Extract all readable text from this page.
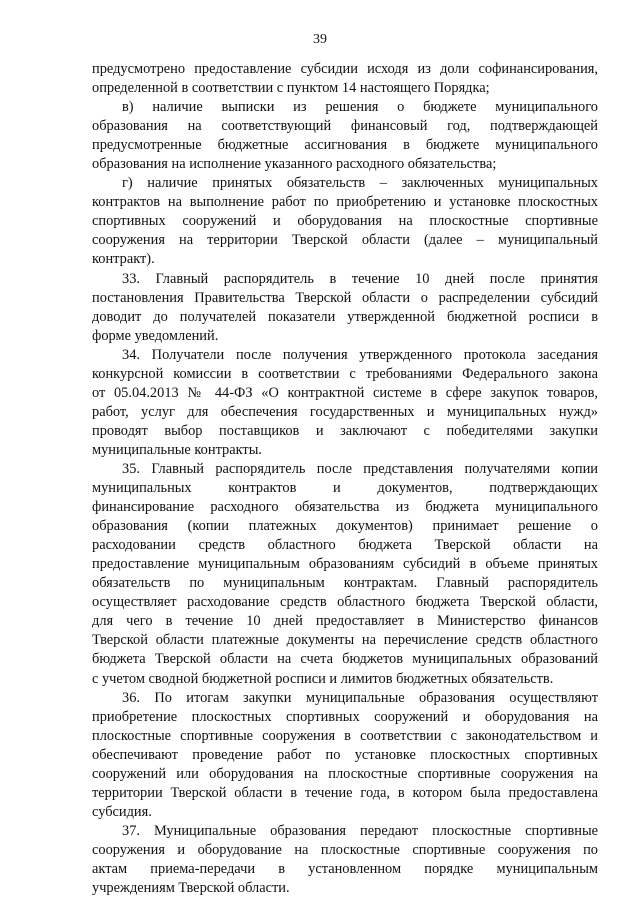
39
предусмотрено предоставление субсидии исходя из доли софинансирования,
определенной в соответствии с пунктом 14 настоящего Порядка;
в) наличие выписки из решения о бюджете муниципального
образования на соответствующий финансовый год, подтверждающей
предусмотренные бюджетные ассигнования в бюджете муниципального
образования на исполнение указанного расходного обязательства;
г) наличие принятых обязательств – заключенных муниципальных
контрактов на выполнение работ по приобретению и установке плоскостных
спортивных сооружений и оборудования на плоскостные спортивные
сооружения на территории Тверской области (далее – муниципальный
контракт).
33. Главный распорядитель в течение 10 дней после принятия
постановления Правительства Тверской области о распределении субсидий
доводит до получателей показатели утвержденной бюджетной росписи в
форме уведомлений.
34. Получатели после получения утвержденного протокола заседания
конкурсной комиссии в соответствии с требованиями Федерального закона
от 05.04.2013 № 44-ФЗ «О контрактной системе в сфере закупок товаров,
работ, услуг для обеспечения государственных и муниципальных нужд»
проводят выбор поставщиков и заключают с победителями закупки
муниципальные контракты.
35. Главный распорядитель после представления получателями копии
муниципальных контрактов и документов, подтверждающих
финансирование расходного обязательства из бюджета муниципального
образования (копии платежных документов) принимает решение о
расходовании средств областного бюджета Тверской области на
предоставление муниципальным образованиям субсидий в объеме принятых
обязательств по муниципальным контрактам. Главный распорядитель
осуществляет расходование средств областного бюджета Тверской области,
для чего в течение 10 дней предоставляет в Министерство финансов
Тверской области платежные документы на перечисление средств областного
бюджета Тверской области на счета бюджетов муниципальных образований
с учетом сводной бюджетной росписи и лимитов бюджетных обязательств.
36. По итогам закупки муниципальные образования осуществляют
приобретение плоскостных спортивных сооружений и оборудования на
плоскостные спортивные сооружения в соответствии с законодательством и
обеспечивают проведение работ по установке плоскостных спортивных
сооружений или оборудования на плоскостные спортивные сооружения на
территории Тверской области в течение года, в котором была предоставлена
субсидия.
37. Муниципальные образования передают плоскостные спортивные
сооружения и оборудование на плоскостные спортивные сооружения по
актам приема-передачи в установленном порядке муниципальным
учреждениям Тверской области.
